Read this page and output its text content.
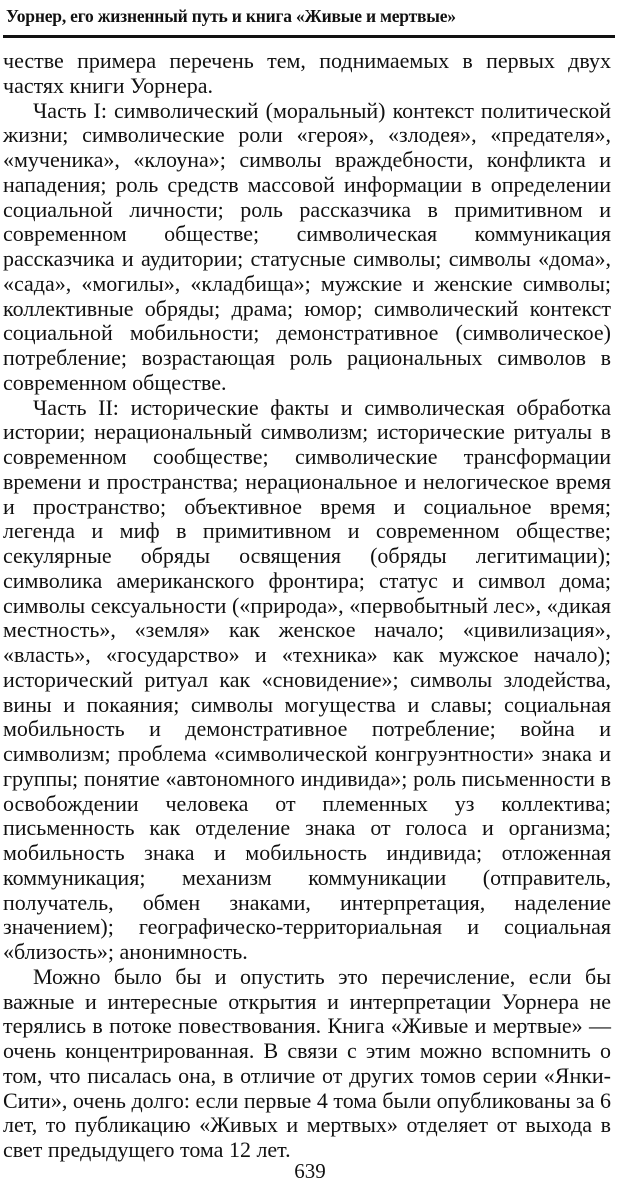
Уорнер, его жизненный путь и книга «Живые и мертвые»

честве примера перечень тем, поднимаемых в первых двух частях книги Уорнера.

Часть I: символический (моральный) контекст политической жизни; символические роли «героя», «злодея», «предателя», «мученика», «клоуна»; символы враждебности, конфликта и нападения; роль средств массовой информации в определении социальной личности; роль рассказчика в примитивном и современном обществе; символическая коммуникация рассказчика и аудитории; статусные символы; символы «дома», «сада», «могилы», «кладбища»; мужские и женские символы; коллективные обряды; драма; юмор; символический контекст социальной мобильности; демонстративное (символическое) потребление; возрастающая роль рациональных символов в современном обществе.

Часть II: исторические факты и символическая обработка истории; нерациональный символизм; исторические ритуалы в современном сообществе; символические трансформации времени и пространства; нерациональное и нелогическое время и пространство; объективное время и социальное время; легенда и миф в примитивном и современном обществе; секулярные обряды освящения (обряды легитимации); символика американского фронтира; статус и символ дома; символы сексуальности («природа», «первобытный лес», «дикая местность», «земля» как женское начало; «цивилизация», «власть», «государство» и «техника» как мужское начало); исторический ритуал как «сновидение»; символы злодейства, вины и покаяния; символы могущества и славы; социальная мобильность и демонстративное потребление; война и символизм; проблема «символической конгруэнтности» знака и группы; понятие «автономного индивида»; роль письменности в освобождении человека от племенных уз коллектива; письменность как отделение знака от голоса и организма; мобильность знака и мобильность индивида; отложенная коммуникация; механизм коммуникации (отправитель, получатель, обмен знаками, интерпретация, наделение значением); географическо-территориальная и социальная «близость»; анонимность.

Можно было бы и опустить это перечисление, если бы важные и интересные открытия и интерпретации Уорнера не терялись в потоке повествования. Книга «Живые и мертвые» — очень концентрированная. В связи с этим можно вспомнить о том, что писалась она, в отличие от других томов серии «Янки-Сити», очень долго: если первые 4 тома были опубликованы за 6 лет, то публикацию «Живых и мертвых» отделяет от выхода в свет предыдущего тома 12 лет.

639
